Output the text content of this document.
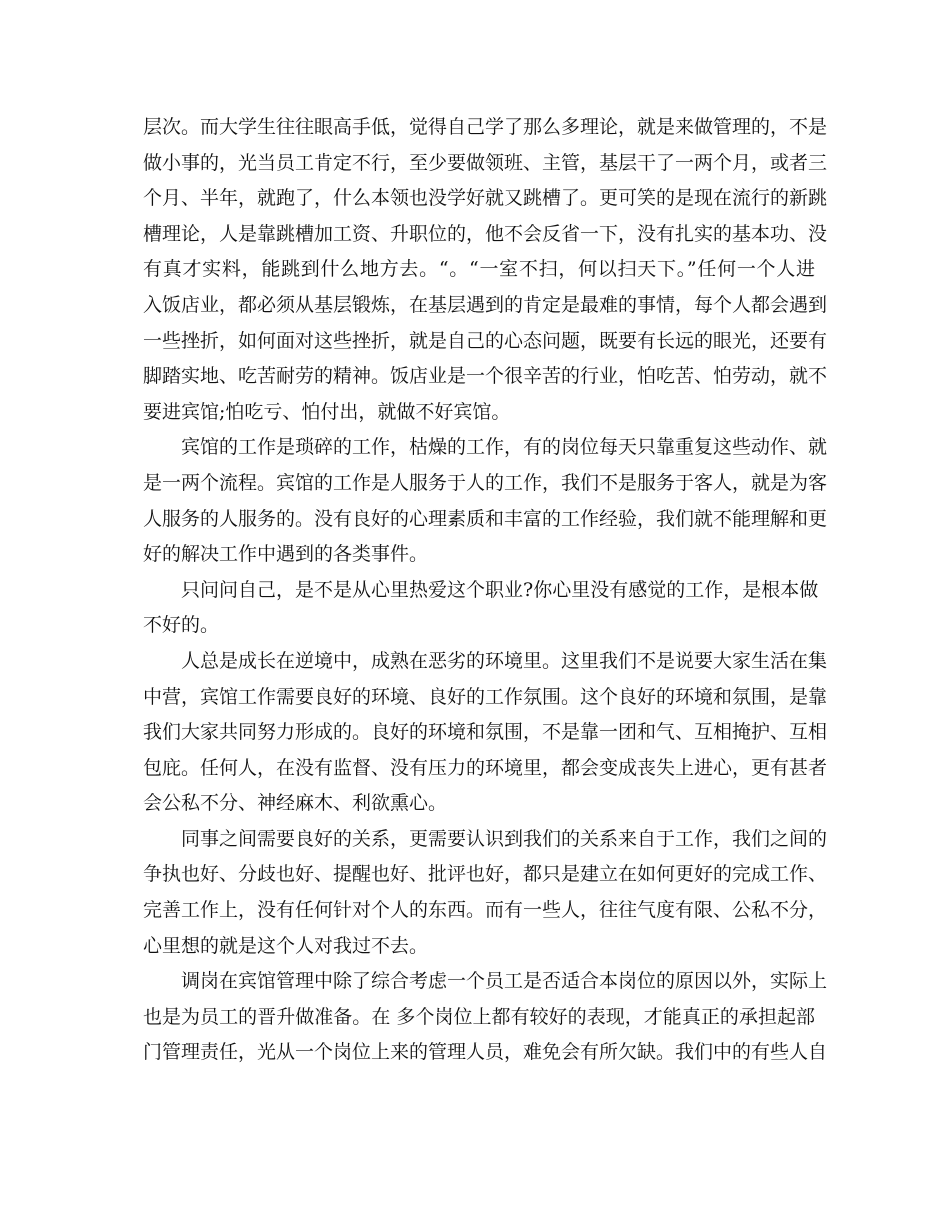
层次。而大学生往往眼高手低，觉得自己学了那么多理论，就是来做管理的，不是
做小事的，光当员工肯定不行，至少要做领班、主管，基层干了一两个月，或者三
个月、半年，就跑了，什么本领也没学好就又跳槽了。更可笑的是现在流行的新跳
槽理论，人是靠跳槽加工资、升职位的，他不会反省一下，没有扎实的基本功、没
有真才实料，能跳到什么地方去。“。“一室不扫，何以扫天下。”任何一个人进
入饭店业，都必须从基层锻炼，在基层遇到的肯定是最难的事情，每个人都会遇到
一些挫折，如何面对这些挫折，就是自己的心态问题，既要有长远的眼光，还要有
脚踏实地、吃苦耐劳的精神。饭店业是一个很辛苦的行业，怕吃苦、怕劳动，就不
要进宾馆;怕吃亏、怕付出，就做不好宾馆。
宾馆的工作是琐碎的工作，枯燥的工作，有的岗位每天只靠重复这些动作、就
是一两个流程。宾馆的工作是人服务于人的工作，我们不是服务于客人，就是为客
人服务的人服务的。没有良好的心理素质和丰富的工作经验，我们就不能理解和更
好的解决工作中遇到的各类事件。
只问问自己，是不是从心里热爱这个职业?你心里没有感觉的工作，是根本做
不好的。
人总是成长在逆境中，成熟在恶劣的环境里。这里我们不是说要大家生活在集
中营，宾馆工作需要良好的环境、良好的工作氛围。这个良好的环境和氛围，是靠
我们大家共同努力形成的。良好的环境和氛围，不是靠一团和气、互相掩护、互相
包庇。任何人，在没有监督、没有压力的环境里，都会变成丧失上进心，更有甚者
会公私不分、神经麻木、利欲熏心。
同事之间需要良好的关系，更需要认识到我们的关系来自于工作，我们之间的
争执也好、分歧也好、提醒也好、批评也好，都只是建立在如何更好的完成工作、
完善工作上，没有任何针对个人的东西。而有一些人，往往气度有限、公私不分，
心里想的就是这个人对我过不去。
调岗在宾馆管理中除了综合考虑一个员工是否适合本岗位的原因以外，实际上
也是为员工的晋升做准备。在 多个岗位上都有较好的表现，才能真正的承担起部
门管理责任，光从一个岗位上来的管理人员，难免会有所欠缺。我们中的有些人自
